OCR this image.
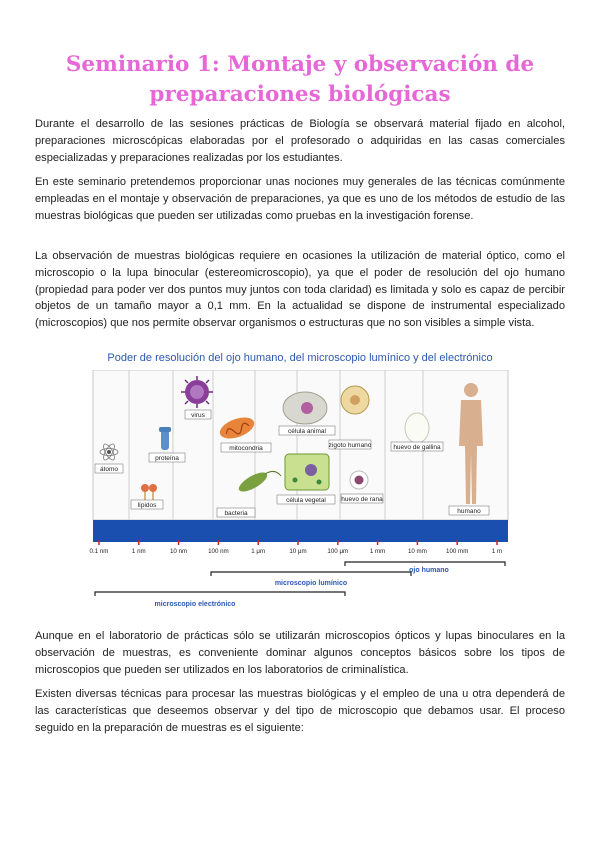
Seminario 1: Montaje y observación de
preparaciones biológicas

Durante el desarrollo de las sesiones prácticas de Biología se observará material fijado en alcohol, preparaciones microscópicas elaboradas por el profesorado o adquiridas en las casas comerciales especializadas y preparaciones realizadas por los estudiantes.

En este seminario pretendemos proporcionar unas nociones muy generales de las técnicas comúnmente empleadas en el montaje y observación de preparaciones, ya que es uno de los métodos de estudio de las muestras biológicas que pueden ser utilizadas como pruebas en la investigación forense.

La observación de muestras biológicas requiere en ocasiones la utilización de material óptico, como el microscopio o la lupa binocular (estereomicroscopio), ya que el poder de resolución del ojo humano (propiedad para poder ver dos puntos muy juntos con toda claridad) es limitada y solo es capaz de percibir objetos de un tamaño mayor a 0,1 mm. En la actualidad se dispone de instrumental especializado (microscopios) que nos permite observar organismos o estructuras que no son visibles a simple vista.

Poder de resolución del ojo humano, del microscopio lumínico y del electrónico
átomo
lípidos
proteína
virus
mitocondria
bacteria
célula animal
célula vegetal
zigoto humano
huevo de rana
huevo de gallina
humano
0.1 nm	1 nm	10 nm	100 nm	1 μm	10 μm	100 μm	1 mm	10 mm	100 mm	1 m
ojo humano
microscopio lumínico
microscopio electrónico

Aunque en el laboratorio de prácticas sólo se utilizarán microscopios ópticos y lupas binoculares en la observación de muestras, es conveniente dominar algunos conceptos básicos sobre los tipos de microscopios que pueden ser utilizados en los laboratorios de criminalística.

Existen diversas técnicas para procesar las muestras biológicas y el empleo de una u otra dependerá de las características que deseemos observar y del tipo de microscopio que debamos usar. El proceso seguido en la preparación de muestras es el siguiente:
